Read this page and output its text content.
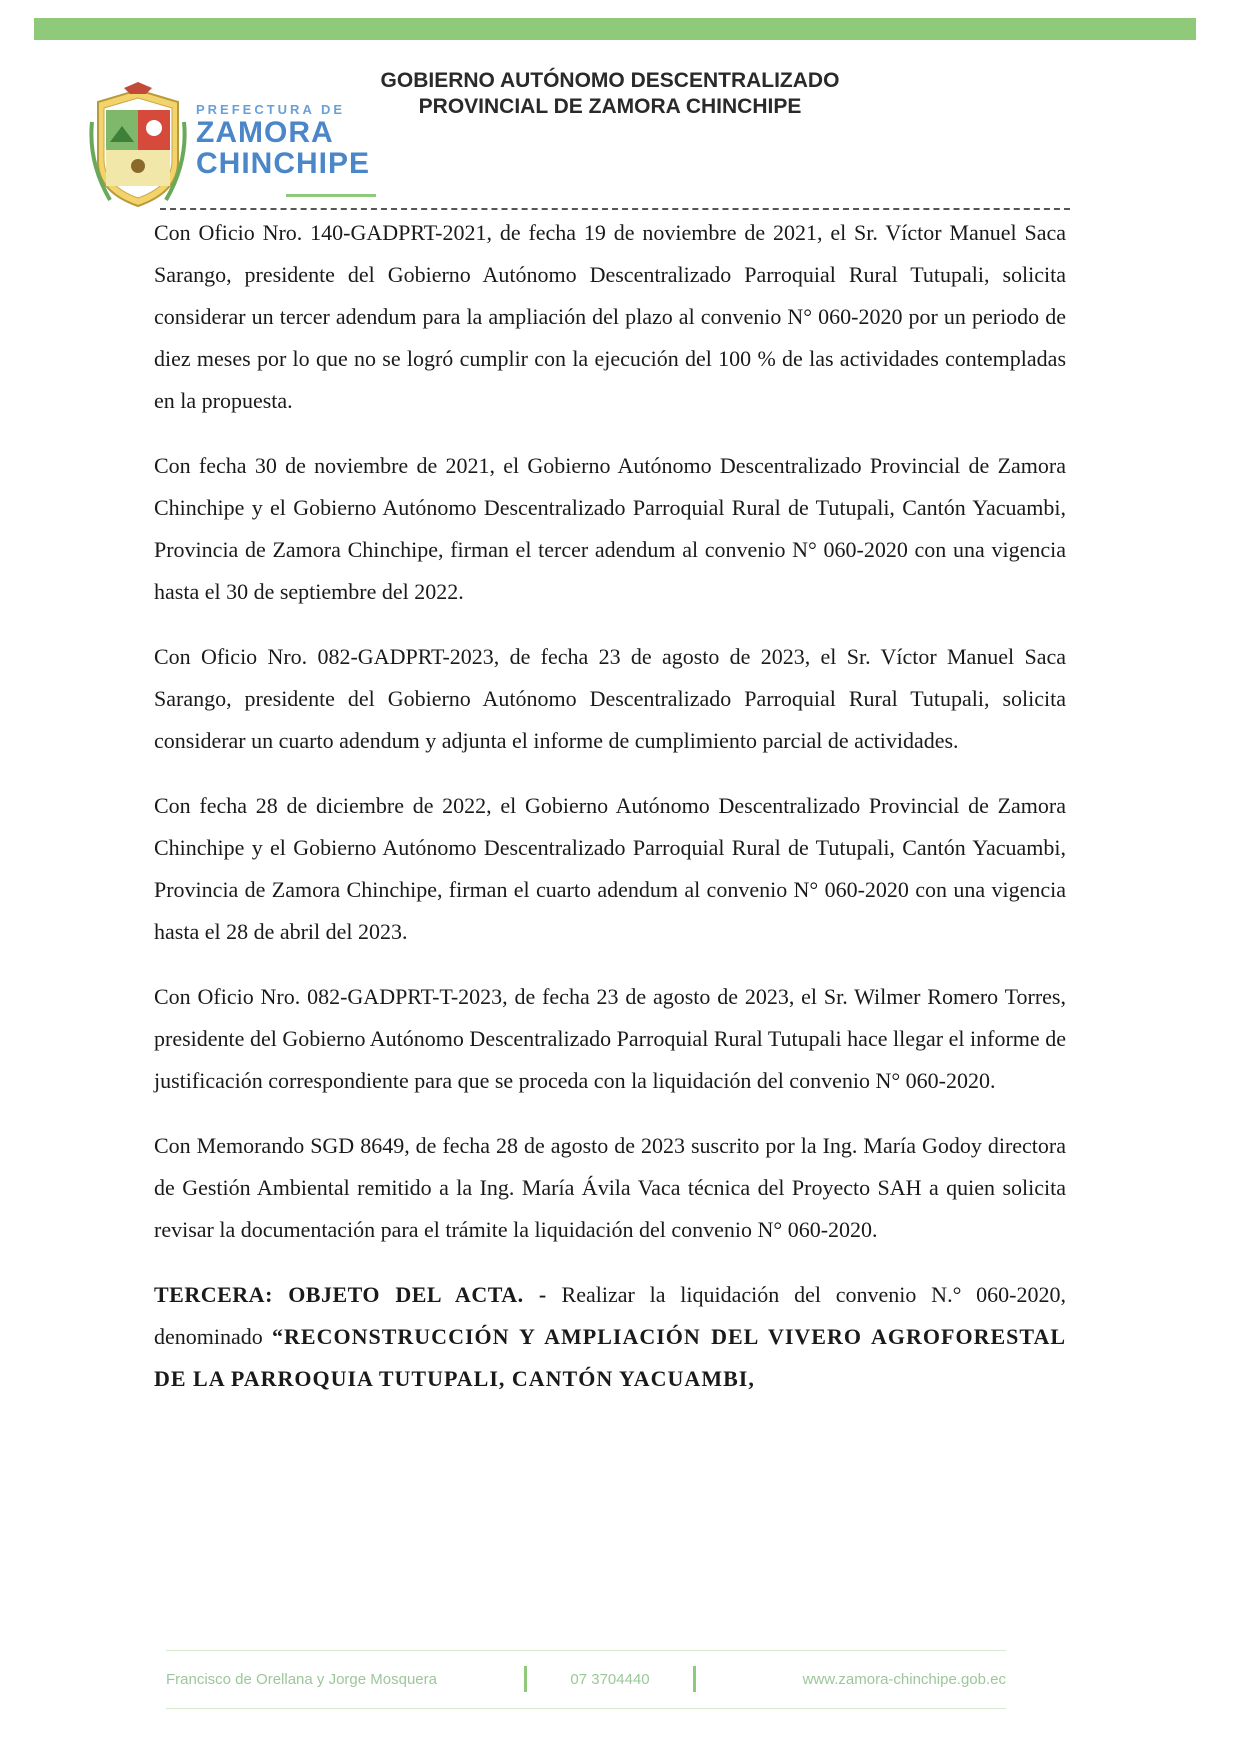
PREFECTURA DE
ZAMORA
CHINCHIPE
GOBIERNO AUTÓNOMO DESCENTRALIZADO
PROVINCIAL DE ZAMORA CHINCHIPE

Con Oficio Nro. 140-GADPRT-2021, de fecha 19 de noviembre de 2021, el Sr. Víctor Manuel Saca Sarango, presidente del Gobierno Autónomo Descentralizado Parroquial Rural Tutupali, solicita considerar un tercer adendum para la ampliación del plazo al convenio N° 060-2020 por un periodo de diez meses por lo que no se logró cumplir con la ejecución del 100 % de las actividades contempladas en la propuesta.

Con fecha 30 de noviembre de 2021, el Gobierno Autónomo Descentralizado Provincial de Zamora Chinchipe y el Gobierno Autónomo Descentralizado Parroquial Rural de Tutupali, Cantón Yacuambi, Provincia de Zamora Chinchipe, firman el tercer adendum al convenio N° 060-2020 con una vigencia hasta el 30 de septiembre del 2022.

Con Oficio Nro. 082-GADPRT-2023, de fecha 23 de agosto de 2023, el Sr. Víctor Manuel Saca Sarango, presidente del Gobierno Autónomo Descentralizado Parroquial Rural Tutupali, solicita considerar un cuarto adendum y adjunta el informe de cumplimiento parcial de actividades.

Con fecha 28 de diciembre de 2022, el Gobierno Autónomo Descentralizado Provincial de Zamora Chinchipe y el Gobierno Autónomo Descentralizado Parroquial Rural de Tutupali, Cantón Yacuambi, Provincia de Zamora Chinchipe, firman el cuarto adendum al convenio N° 060-2020 con una vigencia hasta el 28 de abril del 2023.

Con Oficio Nro. 082-GADPRT-T-2023, de fecha 23 de agosto de 2023, el Sr. Wilmer Romero Torres, presidente del Gobierno Autónomo Descentralizado Parroquial Rural Tutupali hace llegar el informe de justificación correspondiente para que se proceda con la liquidación del convenio N° 060-2020.

Con Memorando SGD 8649, de fecha 28 de agosto de 2023 suscrito por la Ing. María Godoy directora de Gestión Ambiental remitido a la Ing. María Ávila Vaca técnica del Proyecto SAH a quien solicita revisar la documentación para el trámite la liquidación del convenio N° 060-2020.

TERCERA: OBJETO DEL ACTA. - Realizar la liquidación del convenio N.° 060-2020, denominado “RECONSTRUCCIÓN Y AMPLIACIÓN DEL VIVERO AGROFORESTAL DE LA PARROQUIA TUTUPALI, CANTÓN YACUAMBI,

Francisco de Orellana y Jorge Mosquera	07 3704440	www.zamora-chinchipe.gob.ec
